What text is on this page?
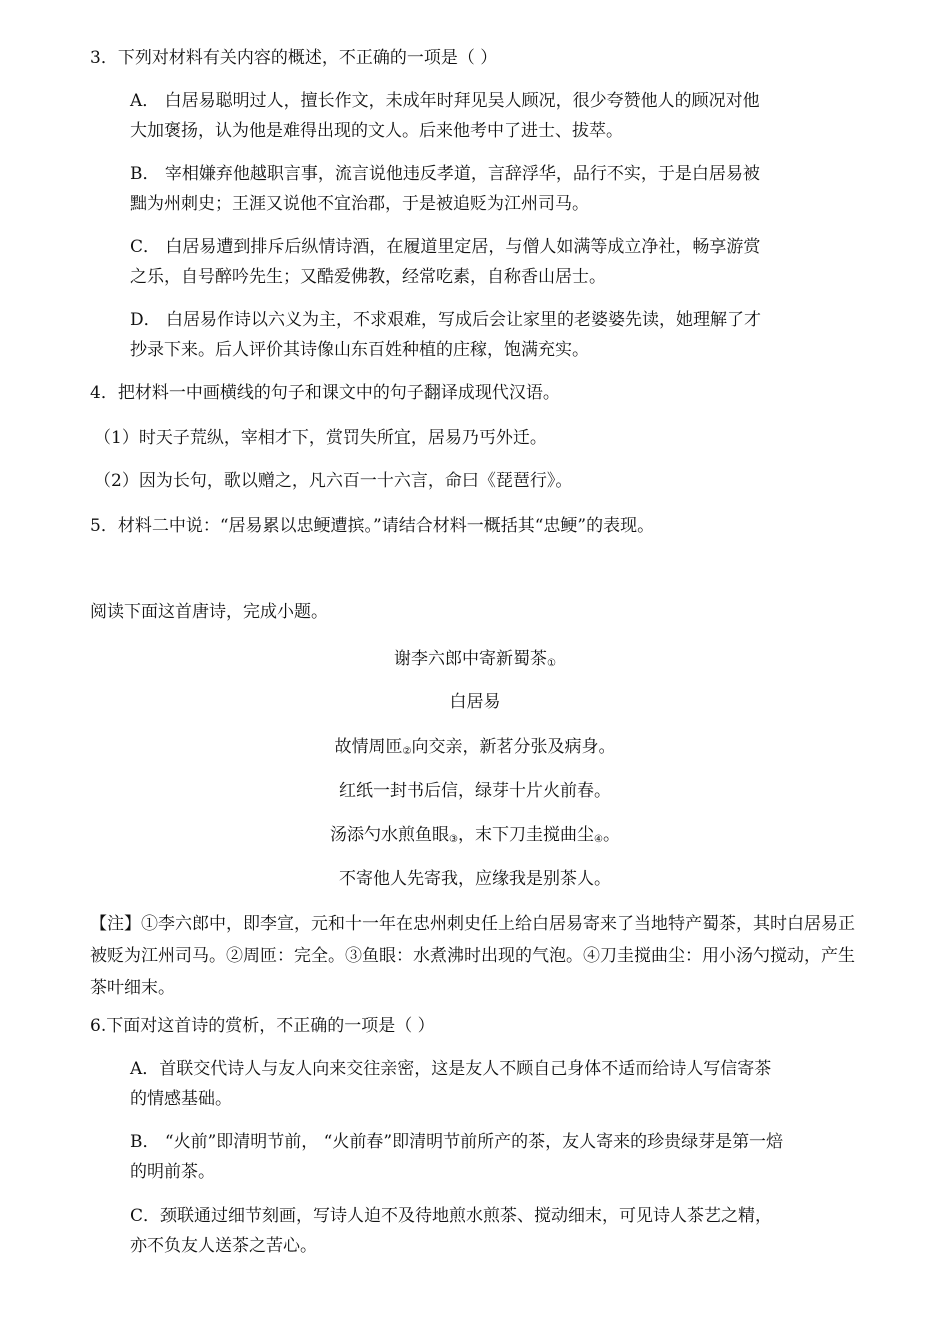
3．下列对材料有关内容的概述，不正确的一项是（ ）
A． 白居易聪明过人，擅长作文，未成年时拜见吴人顾况，很少夸赞他人的顾况对他
大加褒扬，认为他是难得出现的文人。后来他考中了进士、拔萃。
B． 宰相嫌弃他越职言事，流言说他违反孝道，言辞浮华，品行不实，于是白居易被
黜为州刺史；王涯又说他不宜治郡，于是被追贬为江州司马。
C． 白居易遭到排斥后纵情诗酒，在履道里定居，与僧人如满等成立净社，畅享游赏
之乐，自号醉吟先生；又酷爱佛教，经常吃素，自称香山居士。
D． 白居易作诗以六义为主，不求艰难，写成后会让家里的老婆婆先读，她理解了才
抄录下来。后人评价其诗像山东百姓种植的庄稼，饱满充实。
4．把材料一中画横线的句子和课文中的句子翻译成现代汉语。
（1）时天子荒纵，宰相才下，赏罚失所宜，居易乃丐外迁。
（2）因为长句，歌以赠之，凡六百一十六言，命曰《琵琶行》。
5．材料二中说：“居易累以忠鲠遭摈。”请结合材料一概括其“忠鲠”的表现。
阅读下面这首唐诗，完成小题。
谢李六郎中寄新蜀茶①
白居易
故情周匝②向交亲，新茗分张及病身。
红纸一封书后信，绿芽十片火前春。
汤添勺水煎鱼眼③，末下刀圭搅曲尘④。
不寄他人先寄我，应缘我是别茶人。
【注】①李六郎中，即李宣，元和十一年在忠州刺史任上给白居易寄来了当地特产蜀茶，其时白居易正被贬为江州司马。②周匝：完全。③鱼眼：水煮沸时出现的气泡。④刀圭搅曲尘：用小汤勺搅动，产生茶叶细末。
6.下面对这首诗的赏析，不正确的一项是（ ）
A．首联交代诗人与友人向来交往亲密，这是友人不顾自己身体不适而给诗人写信寄茶
的情感基础。
B． “火前”即清明节前， “火前春”即清明节前所产的茶，友人寄来的珍贵绿芽是第一焙
的明前茶。
C．颈联通过细节刻画，写诗人迫不及待地煎水煎茶、搅动细末，可见诗人茶艺之精，
亦不负友人送茶之苦心。
